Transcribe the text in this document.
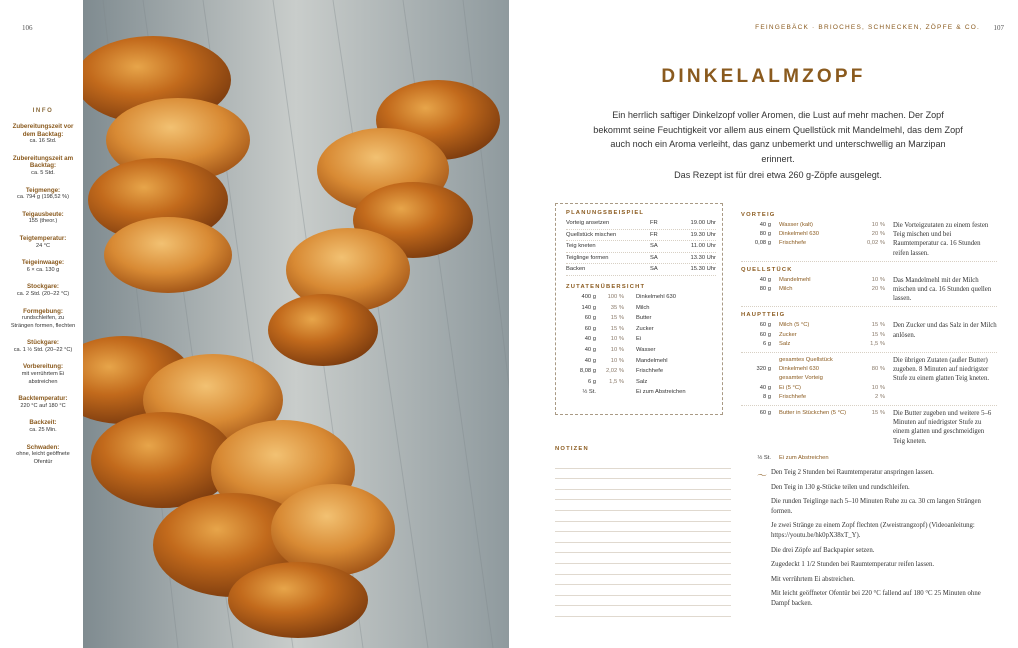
106
INFO
Zubereitungszeit vor dem Backtag:
ca. 16 Std.
Zubereitungszeit am Backtag:
ca. 5 Std.
Teigmenge:
ca. 794 g (198,52 %)
Teigausbeute:
155 (theor.)
Teigtemperatur:
24 °C
Teigeinwaage:
6 × ca. 130 g
Stockgare:
ca. 2 Std. (20–22 °C)
Formgebung:
rundschleifen, zu Strängen formen, flechten
Stückgare:
ca. 1 ½ Std. (20–22 °C)
Vorbereitung:
mit verrührtem Ei abstreichen
Backtemperatur:
220 °C auf 180 °C
Backzeit:
ca. 25 Min.
Schwaden:
ohne, leicht geöffnete Ofentür
FEINGEBÄCK · BRIOCHES, SCHNECKEN, ZÖPFE & CO. 107
DINKELALMZOPF

Ein herrlich saftiger Dinkelzopf voller Aromen, die Lust auf mehr machen. Der Zopf bekommt seine Feuchtigkeit vor allem aus einem Quellstück mit Mandelmehl, das dem Zopf auch noch ein Aroma verleiht, das ganz unbemerkt und unterschwellig an Marzipan erinnert.

Das Rezept ist für drei etwa 260 g-Zöpfe ausgelegt.

PLANUNGSBEISPIEL
Vorteig ansetzen	FR	19.00 Uhr
Quellstück mischen	FR	19.30 Uhr
Teig kneten	SA	11.00 Uhr
Teiglinge formen	SA	13.30 Uhr
Backen	SA	15.30 Uhr
ZUTATENÜBERSICHT
400 g	100 %	Dinkelmehl 630
140 g	35 %	Milch
60 g	15 %	Butter
60 g	15 %	Zucker
40 g	10 %	Ei
40 g	10 %	Wasser
40 g	10 %	Mandelmehl
8,08 g	2,02 %	Frischhefe
6 g	1,5 %	Salz
½ St.	Ei zum Abstreichen
NOTIZEN
VORTEIG
40 g	Wasser (kalt)	10 %
80 g	Dinkelmehl 630	20 %
0,08 g	Frischhefe	0,02 %
Die Vorteigzutaten zu einem festen Teig mischen und bei Raumtemperatur ca. 16 Stunden reifen lassen.
QUELLSTÜCK
40 g	Mandelmehl	10 %
80 g	Milch	20 %
Das Mandelmehl mit der Milch mischen und ca. 16 Stunden quellen lassen.
HAUPTTEIG
60 g	Milch (5 °C)	15 %
60 g	Zucker	15 %
6 g	Salz	1,5 %
Den Zucker und das Salz in der Milch anlösen.
gesamtes Quellstück
320 g	Dinkelmehl 630	80 %
gesamter Vorteig
40 g	Ei (5 °C)	10 %
8 g	Frischhefe	2 %
Die übrigen Zutaten (außer Butter) zugeben. 8 Minuten auf niedrigster Stufe zu einem glatten Teig kneten.
60 g	Butter in Stückchen (5 °C)	15 %	Die Butter zugeben und weitere 5–6 Minuten auf niedrigster Stufe zu einem glatten und geschmeidigen Teig kneten.
½ St.	Ei zum Abstreichen
〜 Den Teig 2 Stunden bei Raumtemperatur anspringen lassen.

Den Teig in 130 g-Stücke teilen und rundschleifen.

Die runden Teiglinge nach 5–10 Minuten Ruhe zu ca. 30 cm langen Strängen formen.

Je zwei Stränge zu einem Zopf flechten (Zweistrangzopf) (Videoanleitung: https://youtu.be/hk0pX38xT_Y).

Die drei Zöpfe auf Backpapier setzen.

Zugedeckt 1 1/2 Stunden bei Raumtemperatur reifen lassen.

Mit verrührtem Ei abstreichen.

Mit leicht geöffneter Ofentür bei 220 °C fallend auf 180 °C 25 Minuten ohne Dampf backen.
